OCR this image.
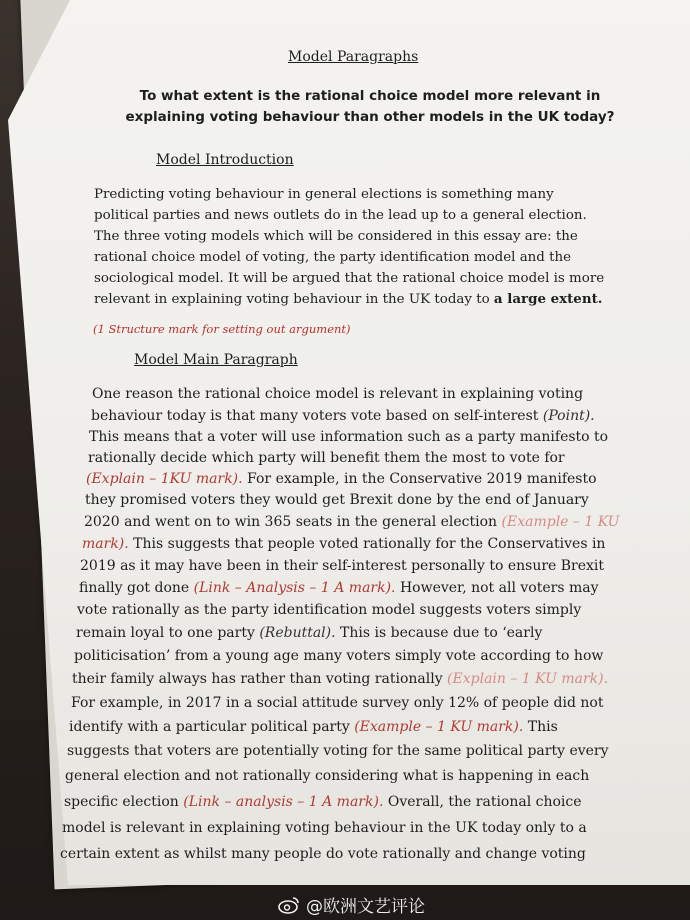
Model Paragraphs
To what extent is the rational choice model more relevant in explaining voting behaviour than other models in the UK today?
Model Introduction
Predicting voting behaviour in general elections is something many
political parties and news outlets do in the lead up to a general election.
The three voting models which will be considered in this essay are: the
rational choice model of voting, the party identification model and the
sociological model. It will be argued that the rational choice model is more
relevant in explaining voting behaviour in the UK today to a large extent.
(1 Structure mark for setting out argument)
Model Main Paragraph
One reason the rational choice model is relevant in explaining voting
behaviour today is that many voters vote based on self-interest (Point).
This means that a voter will use information such as a party manifesto to
rationally decide which party will benefit them the most to vote for
(Explain – 1KU mark). For example, in the Conservative 2019 manifesto
they promised voters they would get Brexit done by the end of January
2020 and went on to win 365 seats in the general election (Example – 1 KU
mark). This suggests that people voted rationally for the Conservatives in
2019 as it may have been in their self-interest personally to ensure Brexit
finally got done (Link – Analysis – 1 A mark). However, not all voters may
vote rationally as the party identification model suggests voters simply
remain loyal to one party (Rebuttal). This is because due to ‘early
politicisation’ from a young age many voters simply vote according to how
their family always has rather than voting rationally (Explain – 1 KU mark).
For example, in 2017 in a social attitude survey only 12% of people did not
identify with a particular political party (Example – 1 KU mark). This
suggests that voters are potentially voting for the same political party every
general election and not rationally considering what is happening in each
specific election (Link – analysis – 1 A mark). Overall, the rational choice
model is relevant in explaining voting behaviour in the UK today only to a
certain extent as whilst many people do vote rationally and change voting
@欧洲文艺评论
